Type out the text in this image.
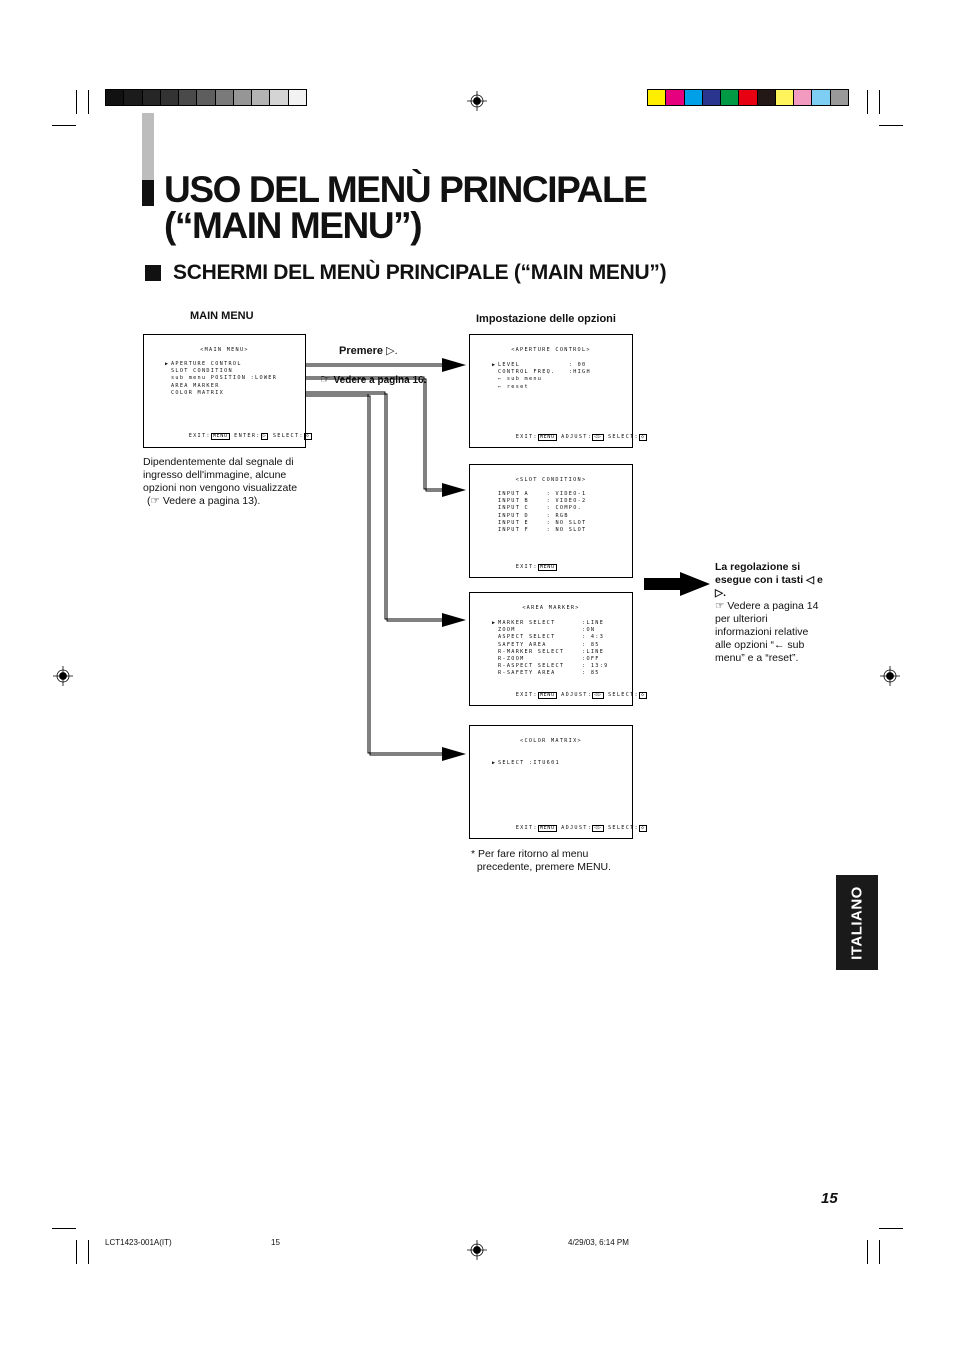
USO DEL MENÙ PRINCIPALE
(“MAIN MENU”)
SCHERMI DEL MENÙ PRINCIPALE (“MAIN MENU”)
MAIN MENU	Impostazione delle opzioni
Premere ▷.
☞ Vedere a pagina 16.
<MAIN MENU>
▶ APERTURE CONTROL
SLOT CONDITION
sub menu POSITION :LOWER
AREA MARKER
COLOR MATRIX

EXIT: MENU ENTER: ▷ SELECT: ◇

<APERTURE CONTROL>
▶ LEVEL           : 00
CONTROL FREQ.   :HIGH
← sub menu
← reset

EXIT: MENU ADJUST: ◁▷ SELECT: ◇

<SLOT CONDITION>
INPUT A    : VIDEO-1
INPUT B    : VIDEO-2
INPUT C    : COMPO.
INPUT D    : RGB
INPUT E    : NO SLOT
INPUT F    : NO SLOT

EXIT: MENU

<AREA MARKER>
▶ MARKER SELECT      :LINE
ZOOM               :ON
ASPECT SELECT      : 4:3
SAFETY AREA        : 85
R-MARKER SELECT    :LINE
R-ZOOM             :OFF
R-ASPECT SELECT    : 13:9
R-SAFETY AREA      : 85

EXIT: MENU ADJUST: ◁▷ SELECT: ◇

<COLOR MATRIX>
▶ SELECT :ITU601

EXIT: MENU ADJUST: ◁▷ SELECT: ◇

Dipendentemente dal segnale di ingresso dell'immagine, alcune opzioni non vengono visualizzate
(☞ Vedere a pagina 13).
La regolazione si esegue con i tasti ◁ e ▷.
☞ Vedere a pagina 14 per ulteriori informazioni relative alle opzioni “← sub menu” e a “reset”.
* Per fare ritorno al menu
precedente, premere MENU.
ITALIANO
15
LCT1423-001A(IT)	15	4/29/03, 6:14 PM
